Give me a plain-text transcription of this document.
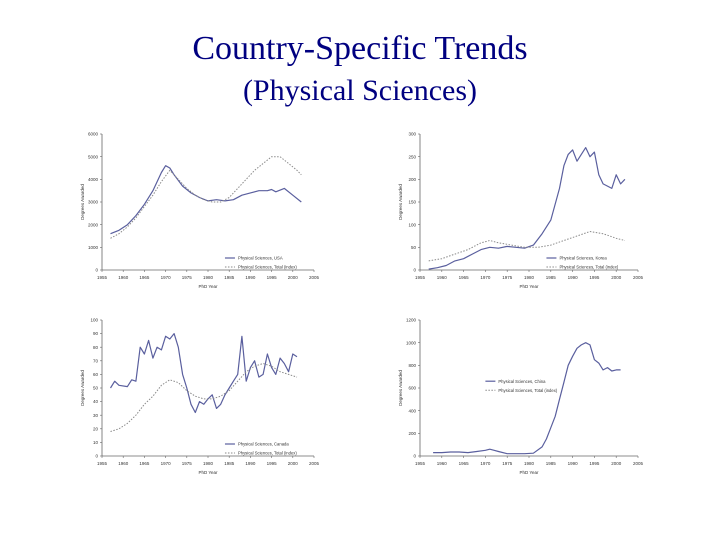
Country-Specific Trends
(Physical Sciences)
1955 1960 1965 1970 1975 1980 1985 1990 1995 2000 2005
0
1000
2000
3000
4000
5000
6000
PhD Year
Degrees Awarded
Physical Sciences, USA
Physical Sciences, Total (index)
1955	1960	1965	1970	1975	1980	1985	1990	1995	2000	2005
0
50
100
150
200
250
300
PhD Year
Degrees Awarded
Physical Sciences, Korea
Physical Sciences, Total (index)
1955 1960 1965 1970 1975 1980 1985 1990 1995 2000 2005
0
10
20
30
40
50
60
70
80
90
100
PhD Year
Degrees Awarded
Physical Sciences, Canada
Physical Sciences, Total (index)
1955	1960	1965	1970	1975	1980	1985	1990	1995	2000	2005
0
200
400
600
800
1000
1200
PhD Year
Degrees Awarded	Physical Sciences, China
Physical Sciences, Total (index)
